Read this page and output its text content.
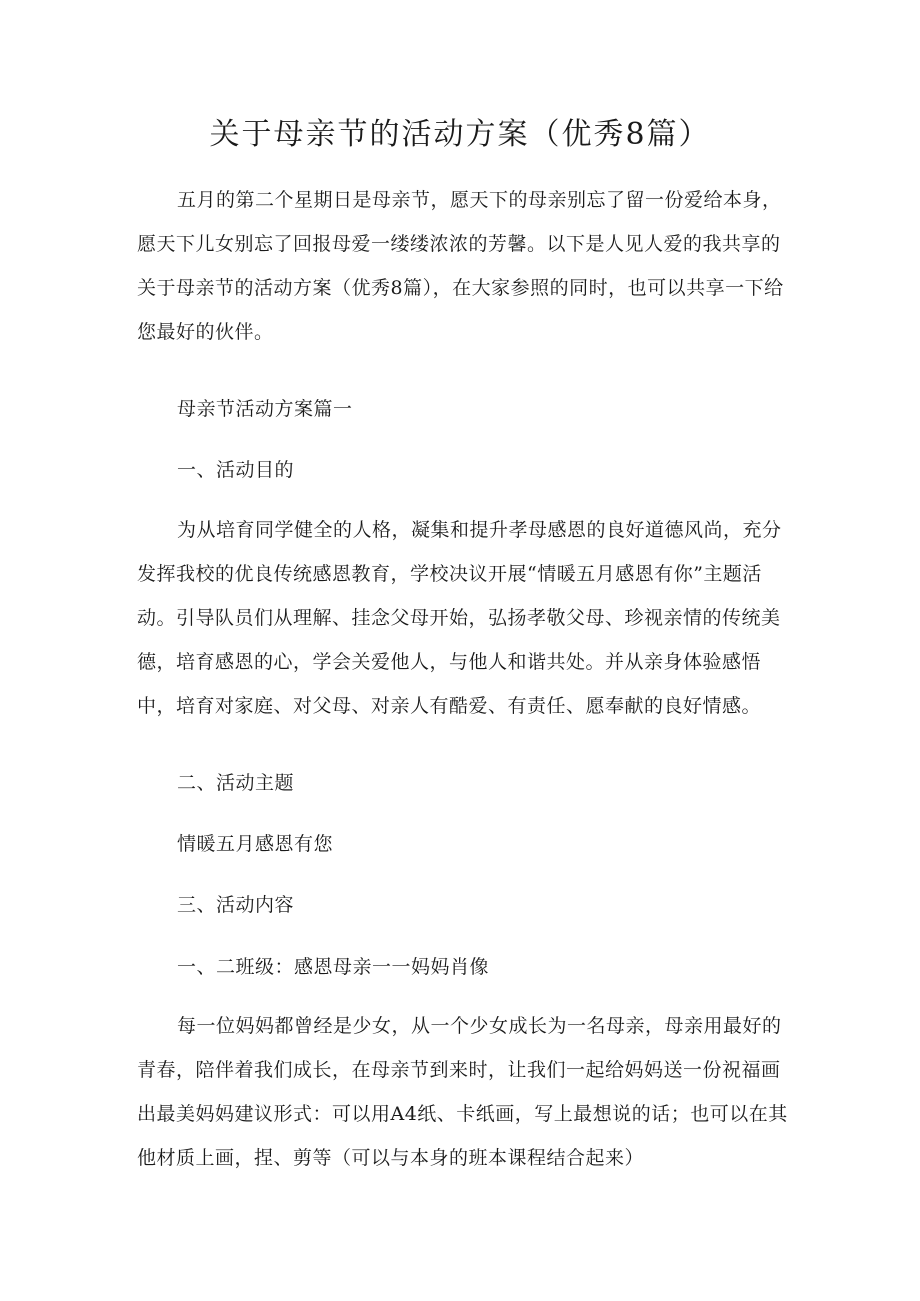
关于母亲节的活动方案（优秀8篇）

五月的第二个星期日是母亲节，愿天下的母亲别忘了留一份爱给本身，愿天下儿女别忘了回报母爱一缕缕浓浓的芳馨。以下是人见人爱的我共享的关于母亲节的活动方案（优秀8篇），在大家参照的同时，也可以共享一下给您最好的伙伴。

母亲节活动方案篇一

一、活动目的

为从培育同学健全的人格，凝集和提升孝母感恩的良好道德风尚，充分发挥我校的优良传统感恩教育，学校决议开展“情暖五月感恩有你”主题活动。引导队员们从理解、挂念父母开始，弘扬孝敬父母、珍视亲情的传统美德，培育感恩的心，学会关爱他人，与他人和谐共处。并从亲身体验感悟中，培育对家庭、对父母、对亲人有酷爱、有责任、愿奉献的良好情感。

二、活动主题

情暖五月感恩有您

三、活动内容

一、二班级：感恩母亲一一妈妈肖像

每一位妈妈都曾经是少女，从一个少女成长为一名母亲，母亲用最好的青春，陪伴着我们成长，在母亲节到来时，让我们一起给妈妈送一份祝福画出最美妈妈建议形式：可以用A4纸、卡纸画，写上最想说的话；也可以在其他材质上画，捏、剪等（可以与本身的班本课程结合起来）
